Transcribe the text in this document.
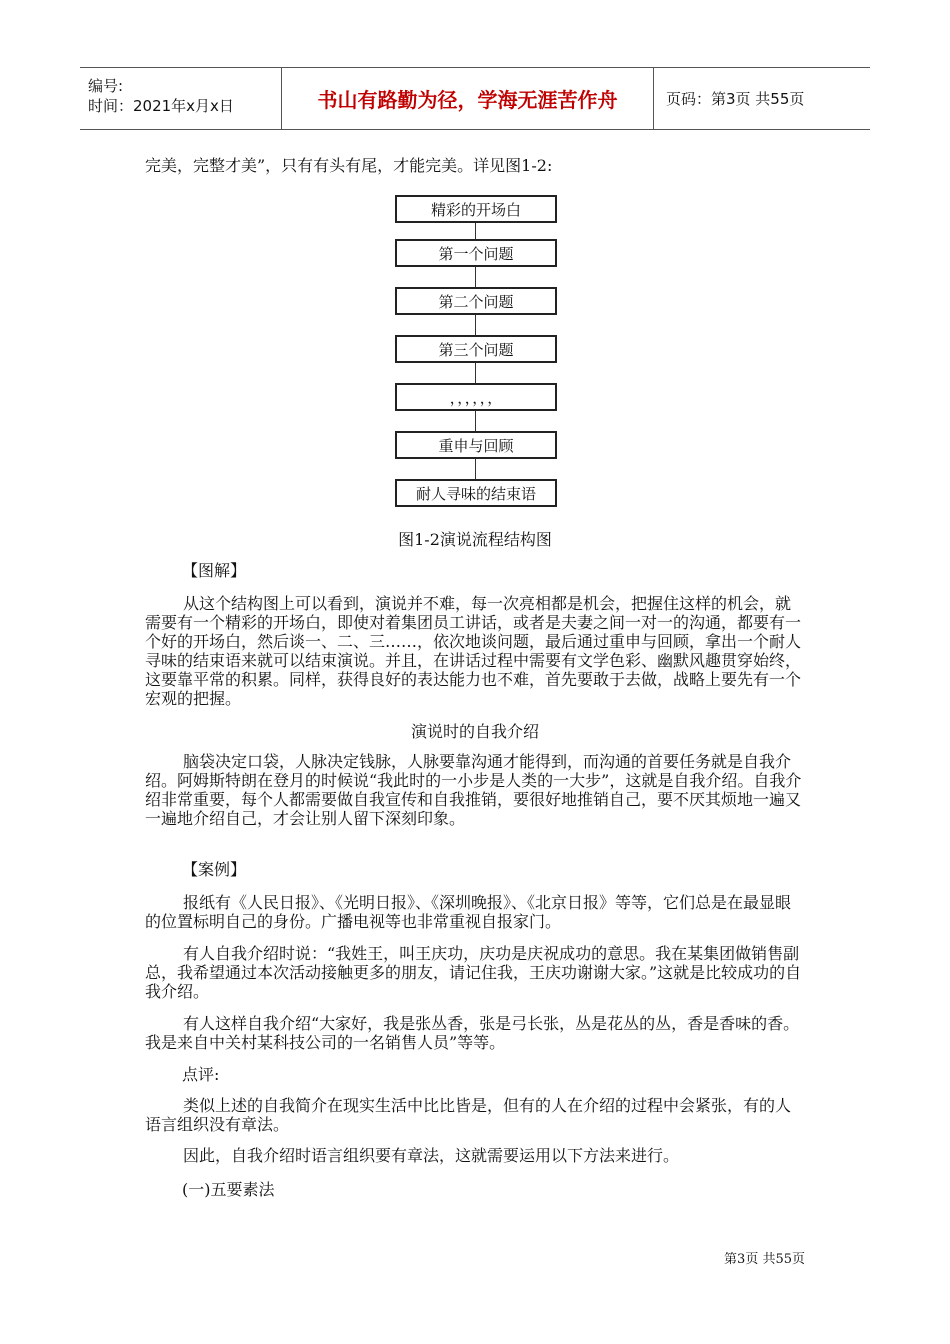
编号:
时间：2021年x月x日	书山有路勤为径，学海无涯苦作舟	页码：第3页 共55页

完美，完整才美”，只有有头有尾，才能完美。详见图1-2:

精彩的开场白
第一个问题
第二个问题
第三个问题
，，，，，，
重申与回顾
耐人寻味的结束语
图1-2演说流程结构图
【图解】

从这个结构图上可以看到，演说并不难，每一次亮相都是机会，把握住这样的机会，就需要有一个精彩的开场白，即使对着集团员工讲话，或者是夫妻之间一对一的沟通，都要有一个好的开场白，然后谈一、二、三……，依次地谈问题，最后通过重申与回顾，拿出一个耐人寻味的结束语来就可以结束演说。并且，在讲话过程中需要有文学色彩、幽默风趣贯穿始终，这要靠平常的积累。同样，获得良好的表达能力也不难，首先要敢于去做，战略上要先有一个宏观的把握。

演说时的自我介绍

脑袋决定口袋，人脉决定钱脉，人脉要靠沟通才能得到，而沟通的首要任务就是自我介绍。阿姆斯特朗在登月的时候说“我此时的一小步是人类的一大步”，这就是自我介绍。自我介绍非常重要，每个人都需要做自我宣传和自我推销，要很好地推销自己，要不厌其烦地一遍又一遍地介绍自己，才会让别人留下深刻印象。

【案例】

报纸有《人民日报》、《光明日报》、《深圳晚报》、《北京日报》等等，它们总是在最显眼的位置标明自己的身份。广播电视等也非常重视自报家门。

有人自我介绍时说：“我姓王，叫王庆功，庆功是庆祝成功的意思。我在某集团做销售副总，我希望通过本次活动接触更多的朋友，请记住我，王庆功谢谢大家。”这就是比较成功的自我介绍。

有人这样自我介绍“大家好，我是张丛香，张是弓长张，丛是花丛的丛，香是香味的香。我是来自中关村某科技公司的一名销售人员”等等。

点评:

类似上述的自我简介在现实生活中比比皆是，但有的人在介绍的过程中会紧张，有的人语言组织没有章法。

因此，自我介绍时语言组织要有章法，这就需要运用以下方法来进行。

(一)五要素法
第3页 共55页
